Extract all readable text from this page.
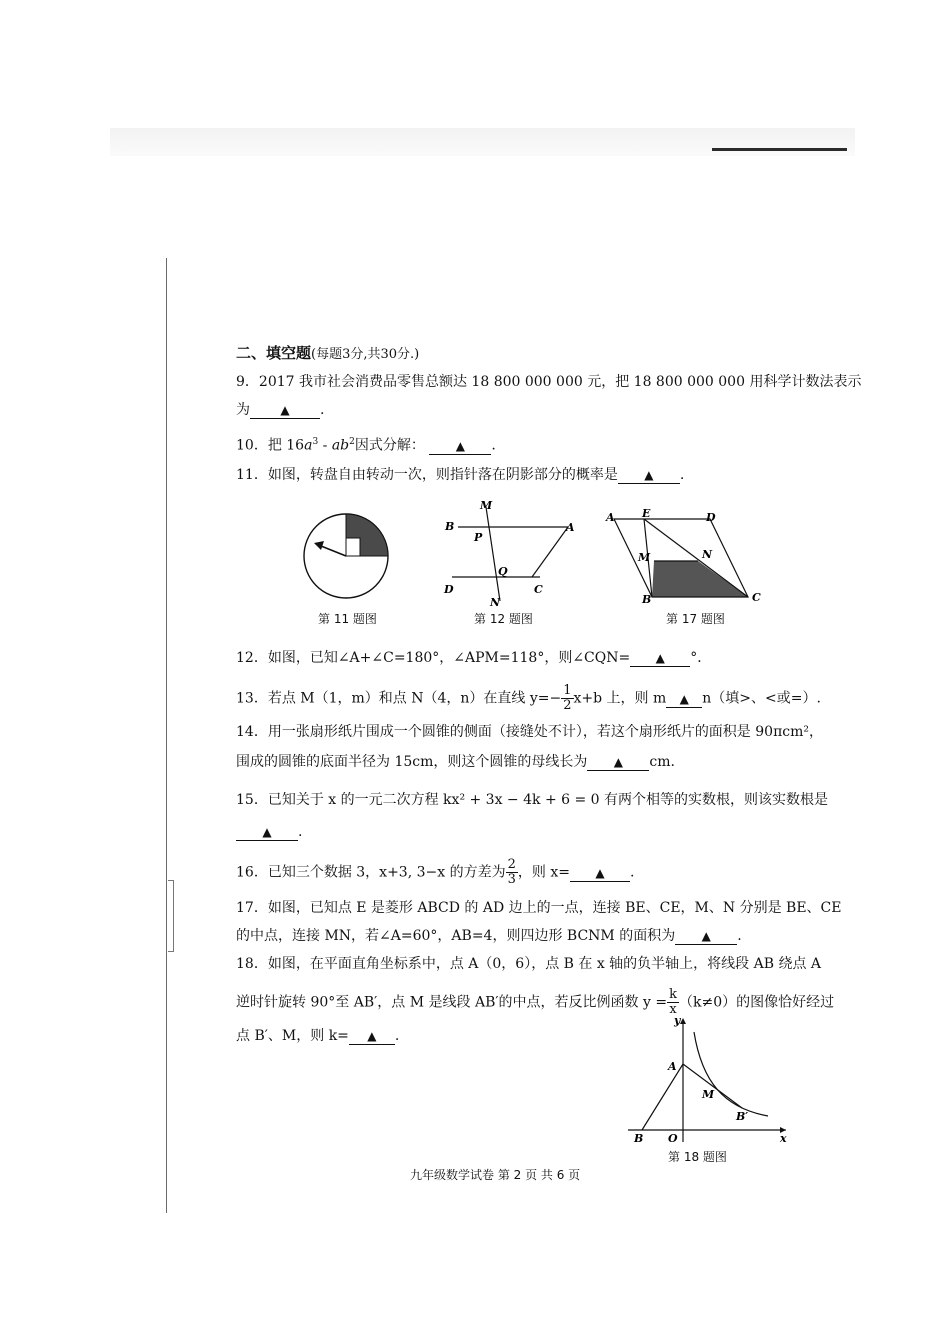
二、填空题(每题3分,共30分.)
9．2017 我市社会消费品零售总额达 18 800 000 000 元，把 18 800 000 000 用科学计数法表示
为	▲ .
10．把 $16a^3 - ab^2$因式分解：	▲ .
11．如图，转盘自由转动一次，则指针落在阴影部分的概率是 ▲ .
第 11 题图
M
B	A
P
Q
D	C
N
第 12 题图
A E	D
M	N
B	C
第 17 题图
12．如图，已知∠A+∠C=180°，∠APM=118°，则∠CQN= ▲ °．
13．若点 M（1，m）和点 N（4，n）在直线 $y=- \frac{1}{2} x+b$ 上，则 m ▲ n（填>、<或=）.
14．用一张扇形纸片围成一个圆锥的侧面（接缝处不计），若这个扇形纸片的面积是 90πcm²，
围成的圆锥的底面半径为 15cm，则这个圆锥的母线长为 ▲ cm.
15．已知关于 x 的一元二次方程 kx² + 3x − 4k + 6 = 0 有两个相等的实数根，则该实数根是
▲ .
16．已知三个数据 3，x+3, 3−x 的方差为 $\frac{2}{3}$ ，则 x= ▲ .
17．如图，已知点 E 是菱形 ABCD 的 AD 边上的一点，连接 BE、CE，M、N 分别是 BE、CE
的中点，连接 MN，若∠A=60°，AB=4，则四边形 BCNM 的面积为 ▲ .
18．如图，在平面直角坐标系中，点 A（0，6），点 B 在 x 轴的负半轴上，将线段 AB 绕点 A
逆时针旋转 90°至 AB′，点 M 是线段 AB′的中点，若反比例函数 $y = \frac{k}{x} (k\ne 0)$的图像恰好经过
点 B′、M，则 k= ▲ .
y
A
M
B′
B O	x
第 18 题图
九年级数学试卷 第 2 页 共 6 页
